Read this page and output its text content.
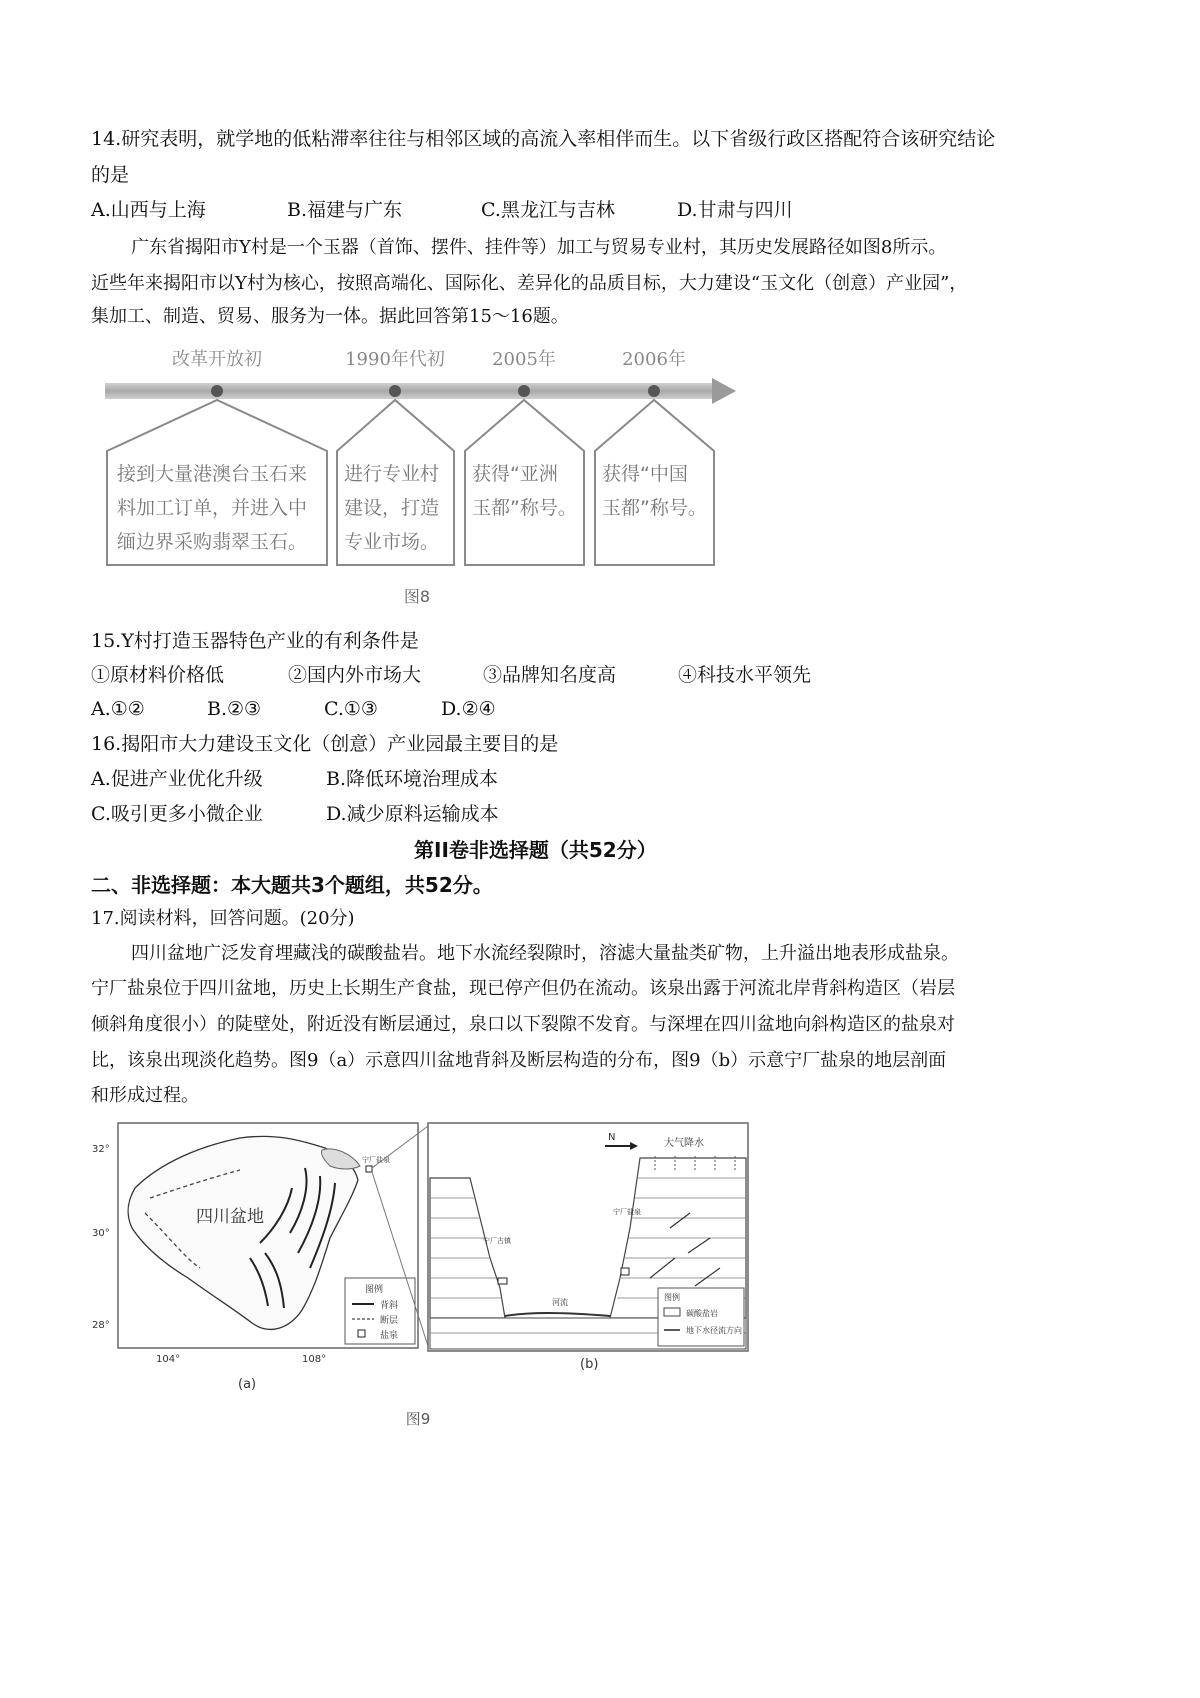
14.研究表明，就学地的低粘滞率往往与相邻区域的高流入率相伴而生。以下省级行政区搭配符合该研究结论
的是
A.山西与上海	B.福建与广东	C.黑龙江与吉林	D.甘肃与四川
广东省揭阳市Y村是一个玉器（首饰、摆件、挂件等）加工与贸易专业村，其历史发展路径如图8所示。
近些年来揭阳市以Y村为核心，按照高端化、国际化、差异化的品质目标，大力建设“玉文化（创意）产业园”，
集加工、制造、贸易、服务为一体。据此回答第15～16题。
改革开放初	1990年代初	2005年	2006年
接到大量港澳台玉石来
料加工订单，并进入中
缅边界采购翡翠玉石。
进行专业村
建设，打造
专业市场。
获得“亚洲
玉都”称号。
获得“中国
玉都”称号。
图8
15.Y村打造玉器特色产业的有利条件是
①原材料价格低	②国内外市场大	③品牌知名度高	④科技水平领先
A.①②	B.②③	C.①③	D.②④
16.揭阳市大力建设玉文化（创意）产业园最主要目的是
A.促进产业优化升级	B.降低环境治理成本
C.吸引更多小微企业	D.减少原料运输成本
第II卷非选择题（共52分）
二、非选择题：本大题共3个题组，共52分。
17.阅读材料，回答问题。(20分)
四川盆地广泛发育埋藏浅的碳酸盐岩。地下水流经裂隙时，溶滤大量盐类矿物，上升溢出地表形成盐泉。
宁厂盐泉位于四川盆地，历史上长期生产食盐，现已停产但仍在流动。该泉出露于河流北岸背斜构造区（岩层
倾斜角度很小）的陡壁处，附近没有断层通过，泉口以下裂隙不发育。与深埋在四川盆地向斜构造区的盐泉对
比，该泉出现淡化趋势。图9（a）示意四川盆地背斜及断层构造的分布，图9（b）示意宁厂盐泉的地层剖面
和形成过程。
32°
30°
28°
104°	108°
宁厂盐泉
四川盆地
图例
背斜
断层
盐泉
(a)
N
大气降水
宁厂古镇
宁厂盐泉
河流
图例
碳酸盐岩
地下水径流方向
(b)
图9
